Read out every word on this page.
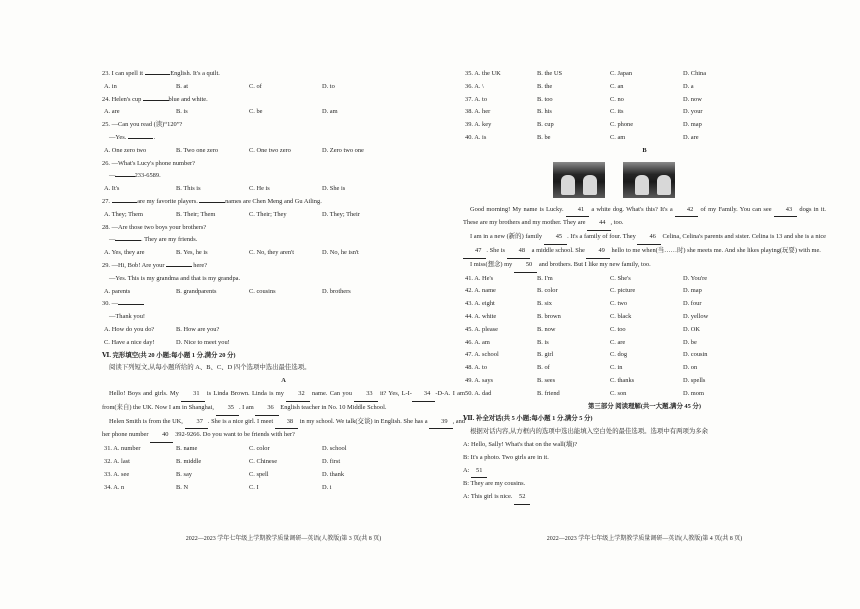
23. I can spell it	English. It's a quilt.
A. in	B. at	C. of	D. to
24. Helen's cup	blue and white.
A. are	B. is	C. be	D. am
25. —Can you read (读)“120”?
—Yes.	.
A. One zero two	B. Two one zero	C. One two zero	D. Zero two one
26. —What's Lucy's phone number?
—	233-6589.
A. It's	B. This is	C. He is	D. She is
27.	are my favorite players.	names are Chen Meng and Gu Ailing.
A. They; Them	B. Their; Them	C. Their; They	D. They; Their
28. —Are those two boys your brothers?
—	. They are my friends.
A. Yes, they are	B. Yes, he is	C. No, they aren't	D. No, he isn't
29. —Hi, Bob! Are your	here?
—Yes. This is my grandma and that is my grandpa.
A. parents	B. grandparents	C. cousins	D. brothers
30. —
—Thank you!
A. How do you do?	B. How are you?
C. Have a nice day!	D. Nice to meet you!
Ⅵ. 完形填空(共 20 小题;每小题 1 分,满分 20 分)
阅读下列短文,从每小题所给的 A、B、C、D 四个选项中选出最佳选项。
A
Hello! Boys and girls. My 31 is Linda Brown. Linda is my 32 name. Can you 33 it? Yes, L-I- 34 -D-A. I am from(来自) the UK. Now I am in Shanghai, 35 . I am 36 English teacher in No. 10 Middle School.
Helen Smith is from the UK, 37 . She is a nice girl. I meet 38 in my school. We talk(交谈) in English. She has a 39 , and her phone number 40 392-9266. Do you want to be friends with her?
31. A. number	B. name	C. color	D. school
32. A. last	B. middle	C. Chinese	D. first
33. A. see	B. say	C. spell	D. thank
34. A. n	B. N	C. I	D. i
2022—2023 学年七年级上学期教学质量调研—英语(人教版)第 3 页(共 8 页)
35. A. the UK	B. the US	C. Japan	D. China
36. A. \	B. the	C. an	D. a
37. A. to	B. too	C. no	D. now
38. A. her	B. his	C. its	D. your
39. A. key	B. cup	C. phone	D. map
40. A. is	B. be	C. am	D. are
B
Good morning! My name is Lucky. 41 a white dog. What's this? It's a 42 of my Family. You can see 43 dogs in it. These are my brothers and my mother. They are 44 , too.
I am in a new (新的) family 45 . It's a family of four. They 46 Celina, Celina's parents and sister. Celina is 13 and she is a nice 47 . She is 48 a middle school. She 49 hello to me when(当……时) she meets me. And she likes playing(玩耍) with me.
I miss(想念) my 50 and brothers. But I like my new family, too.
41. A. He's	B. I'm	C. She's	D. You're
42. A. name	B. color	C. picture	D. map
43. A. eight	B. six	C. two	D. four
44. A. white	B. brown	C. black	D. yellow
45. A. please	B. now	C. too	D. OK
46. A. am	B. is	C. are	D. be
47. A. school	B. girl	C. dog	D. cousin
48. A. to	B. of	C. in	D. on
49. A. says	B. sees	C. thanks	D. spells
50. A. dad	B. friend	C. son	D. mom
第三部分 阅读理解(共一大题,满分 45 分)
Ⅶ. 补全对话(共 5 小题;每小题 1 分,满分 5 分)
根据对话内容,从方框内的选项中选出能填入空白处的最佳选项。选项中有两项为多余
A: Hello, Sally! What's that on the wall(墙)?
B: It's a photo. Two girls are in it.
A: 51
B: They are my cousins.
A: This girl is nice. 52
2022—2023 学年七年级上学期教学质量调研—英语(人教版)第 4 页(共 8 页)
